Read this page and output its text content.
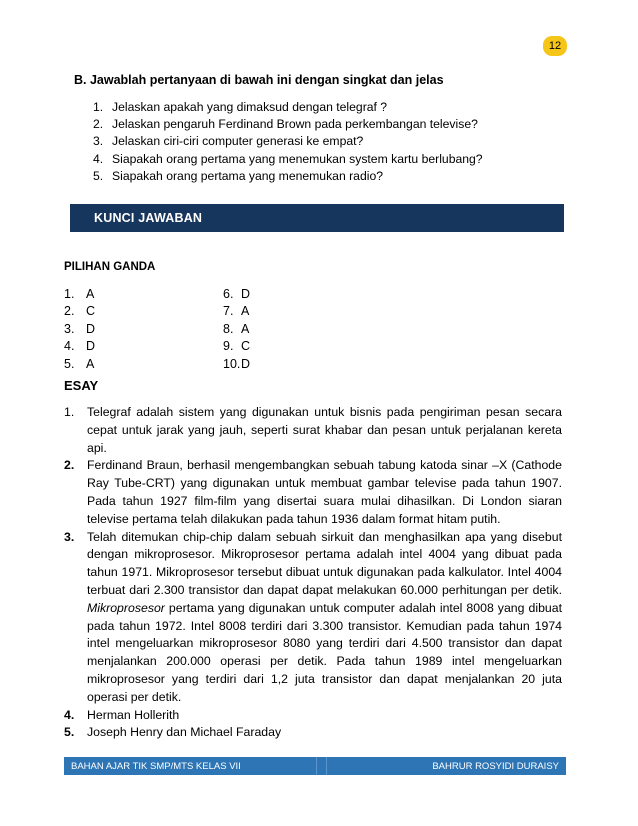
12
B. Jawablah pertanyaan di bawah ini dengan singkat dan jelas
1. Jelaskan apakah yang dimaksud dengan telegraf ?
2. Jelaskan pengaruh Ferdinand Brown pada perkembangan televise?
3. Jelaskan ciri-ciri computer generasi ke empat?
4. Siapakah orang pertama yang menemukan system kartu berlubang?
5. Siapakah orang pertama yang menemukan radio?
KUNCI JAWABAN
PILIHAN GANDA
1. A
2. C
3. D
4. D
5. A
6. D
7. A
8. A
9. C
10. D
ESAY
1.	Telegraf adalah sistem yang digunakan untuk bisnis pada pengiriman pesan secara cepat untuk jarak yang jauh, seperti surat khabar dan pesan untuk perjalanan kereta api.
2.	Ferdinand Braun, berhasil mengembangkan sebuah tabung katoda sinar –X (Cathode Ray Tube-CRT) yang digunakan untuk membuat gambar televise pada tahun 1907. Pada tahun 1927 film-film yang disertai suara mulai dihasilkan. Di London siaran televise pertama telah dilakukan pada tahun 1936 dalam format hitam putih.
3.	Telah ditemukan chip-chip dalam sebuah sirkuit dan menghasilkan apa yang disebut dengan mikroprosesor. Mikroprosesor pertama adalah intel 4004 yang dibuat pada tahun 1971. Mikroprosesor tersebut dibuat untuk digunakan pada kalkulator. Intel 4004 terbuat dari 2.300 transistor dan dapat dapat melakukan 60.000 perhitungan per detik. Mikroprosesor pertama yang digunakan untuk computer adalah intel 8008 yang dibuat pada tahun 1972. Intel 8008 terdiri dari 3.300 transistor. Kemudian pada tahun 1974 intel mengeluarkan mikroprosesor 8080 yang terdiri dari 4.500 transistor dan dapat menjalankan 200.000 operasi per detik. Pada tahun 1989 intel mengeluarkan mikroprosesor yang terdiri dari 1,2 juta transistor dan dapat menjalankan 20 juta operasi per detik.
4.	Herman Hollerith
5.	Joseph Henry dan Michael Faraday
BAHAN AJAR TIK SMP/MTS KELAS VII	BAHRUR ROSYIDI DURAISY
